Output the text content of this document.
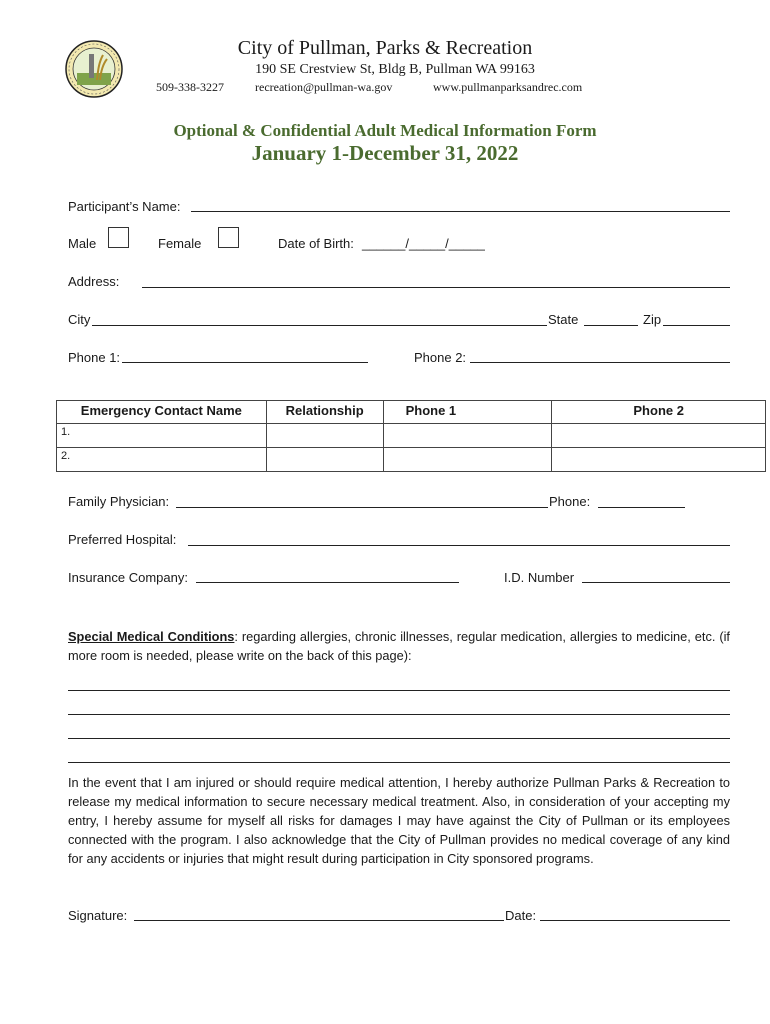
City of Pullman, Parks & Recreation
190 SE Crestview St, Bldg B, Pullman WA 99163
509-338-3227	recreation@pullman-wa.gov	www.pullmanparksandrec.com
Optional & Confidential Adult Medical Information Form
January 1-December 31, 2022
Participant’s Name:
Male	Female	Date of Birth: ______/_____/_____
Address:
City	State	Zip
Phone 1:	Phone 2:
Emergency Contact Name	Relationship	Phone 1	Phone 2

1.			

2.			

Family Physician:	Phone:
Preferred Hospital:
Insurance Company:	I.D. Number
Special Medical Conditions: regarding allergies, chronic illnesses, regular medication, allergies to medicine, etc. (if more room is needed, please write on the back of this page):
In the event that I am injured or should require medical attention, I hereby authorize Pullman Parks & Recreation to release my medical information to secure necessary medical treatment. Also, in consideration of your accepting my entry, I hereby assume for myself all risks for damages I may have against the City of Pullman or its employees connected with the program. I also acknowledge that the City of Pullman provides no medical coverage of any kind for any accidents or injuries that might result during participation in City sponsored programs.
Signature:	Date:
